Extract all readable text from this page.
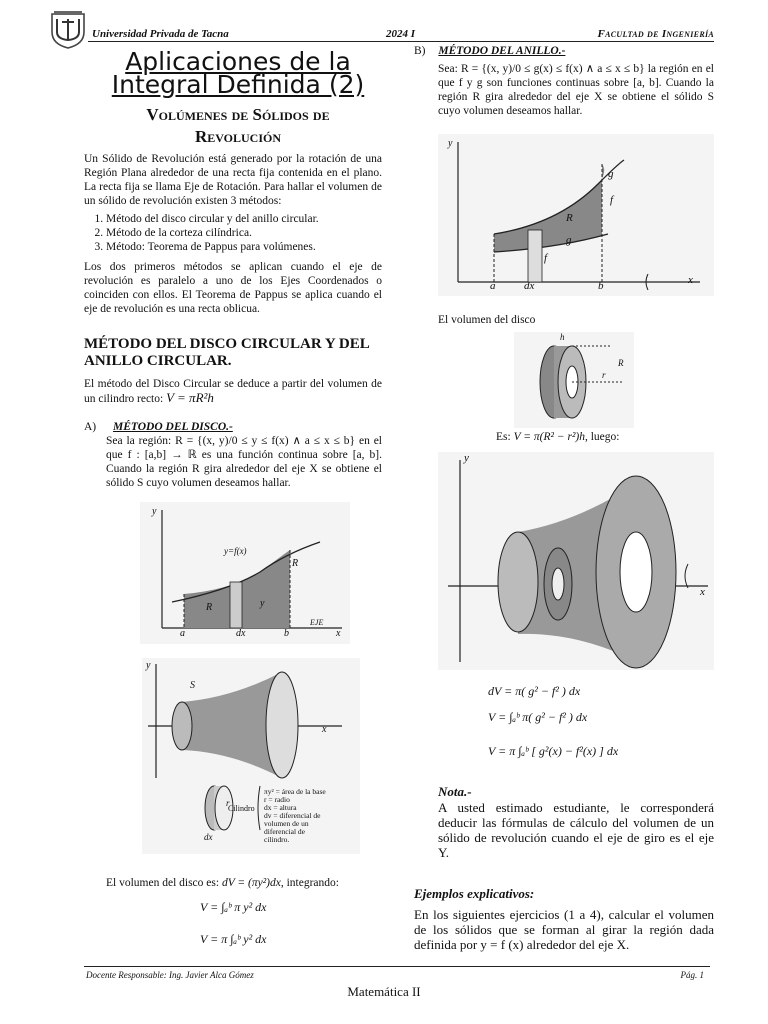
Universidad Privada de Tacna	2024 I	Facultad de Ingeniería
Aplicaciones de la
Integral Definida (2)
Volúmenes de Sólidos de
Revolución
Un Sólido de Revolución está generado por la rotación de una Región Plana alrededor de una recta fija contenida en el plano. La recta fija se llama Eje de Rotación. Para hallar el volumen de un sólido de revolución existen 3 métodos:
1. Método del disco circular y del anillo circular.
2. Método de la corteza cilíndrica.
3. Método: Teorema de Pappus para volúmenes.
Los dos primeros métodos se aplican cuando el eje de revolución es paralelo a uno de los Ejes Coordenados o coinciden con ellos. El Teorema de Pappus se aplica cuando el eje de revolución es una recta oblicua.
MÉTODO DEL DISCO CIRCULAR Y DEL ANILLO CIRCULAR.
El método del Disco Circular se deduce a partir del volumen de un cilindro recto: V = πR²h
A) MÉTODO DEL DISCO.-
Sea la región: R = {(x, y)/0 ≤ y ≤ f(x) ∧ a ≤ x ≤ b} en el que f : [a,b] → ℝ es una función continua sobre [a, b]. Cuando la región R gira alrededor del eje X se obtiene el sólido S cuyo volumen deseamos hallar.
y
y=f(x)
R
R	y
a	dx	b
EJE
x
y
S
x
r
dx
Cilindro
πy² = área de la base
r = radio
dx = altura
dv = diferencial de
volumen de un
diferencial de
cilindro.
El volumen del disco es: dV = (πy²)dx, integrando:
V = ∫ₐᵇ π y² dx
V = π ∫ₐᵇ y² dx
B) MÉTODO DEL ANILLO.-
Sea: R = {(x, y)/0 ≤ g(x) ≤ f(x) ∧ a ≤ x ≤ b} la región en el que f y g son funciones continuas sobre [a, b]. Cuando la región R gira alrededor del eje X se obtiene el sólido S cuyo volumen deseamos hallar.
y
g
f
R
g
f
a	dx	b	x
El volumen del disco
h
R
r
Es: V = π(R² − r²)h, luego:
y
x
dV = π( g² − f² ) dx
V = ∫ₐᵇ π( g² − f² ) dx
V = π ∫ₐᵇ [ g²(x) − f²(x) ] dx
Nota.-
A usted estimado estudiante, le corresponderá deducir las fórmulas de cálculo del volumen de un sólido de revolución cuando el eje de giro es el eje Y.
Ejemplos explicativos:
En los siguientes ejercicios (1 a 4), calcular el volumen de los sólidos que se forman al girar la región dada definida por y = f (x) alrededor del eje X.
Docente Responsable: Ing. Javier Alca Gómez	Pág. 1
Matemática II
